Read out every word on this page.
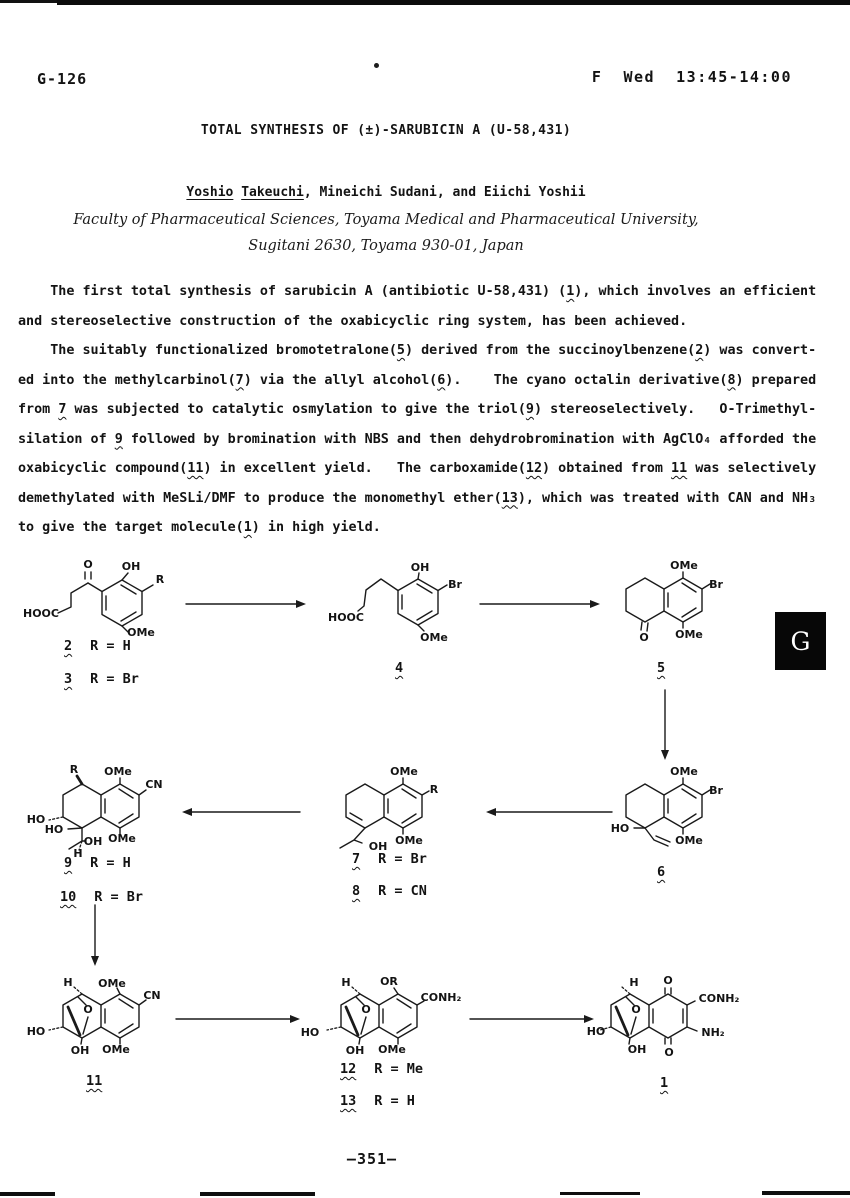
G-126	F  Wed  13:45-14:00
TOTAL SYNTHESIS OF (±)-SARUBICIN A (U-58,431)
Yoshio Takeuchi, Mineichi Sudani, and Eiichi Yoshii
Faculty of Pharmaceutical Sciences, Toyama Medical and Pharmaceutical University,
Sugitani 2630, Toyama 930-01, Japan
The first total synthesis of sarubicin A (antibiotic U-58,431) (1), which involves an efficient
and stereoselective construction of the oxabicyclic ring system, has been achieved.
The suitably functionalized bromotetralone(5) derived from the succinoylbenzene(2) was convert-
ed into the methylcarbinol(7) via the allyl alcohol(6).    The cyano octalin derivative(8) prepared
from 7 was subjected to catalytic osmylation to give the triol(9) stereoselectively.   O-Trimethyl-
silation of 9 followed by bromination with NBS and then dehydrobromination with AgClO₄ afforded the
oxabicyclic compound(11) in excellent yield.   The carboxamide(12) obtained from 11 was selectively
demethylated with MeSLi/DMF to produce the monomethyl ether(13), which was treated with CAN and NH₃
to give the target molecule(1) in high yield.
O	OH
R
OMe
HOOC
OH
Br
OMe
HOOC
OMe
Br
OMe
O
OMe
Br
OMe
HO
OMe
R
OMe
OH
R OMe
CN
OMe
HO
HO
OH
H
H OMe
CN
O
OMe
HO
OH
H	OR
CONH₂
O
OMe
HO
OH
H O
CONH₂
NH₂
O
O
HO
OH
G
—351—
2 R = H
3 R = Br
4	5
6
7 R = Br
8 R = CN
9 R = H
10 R = Br
11
12 R = Me
13 R = H
1
